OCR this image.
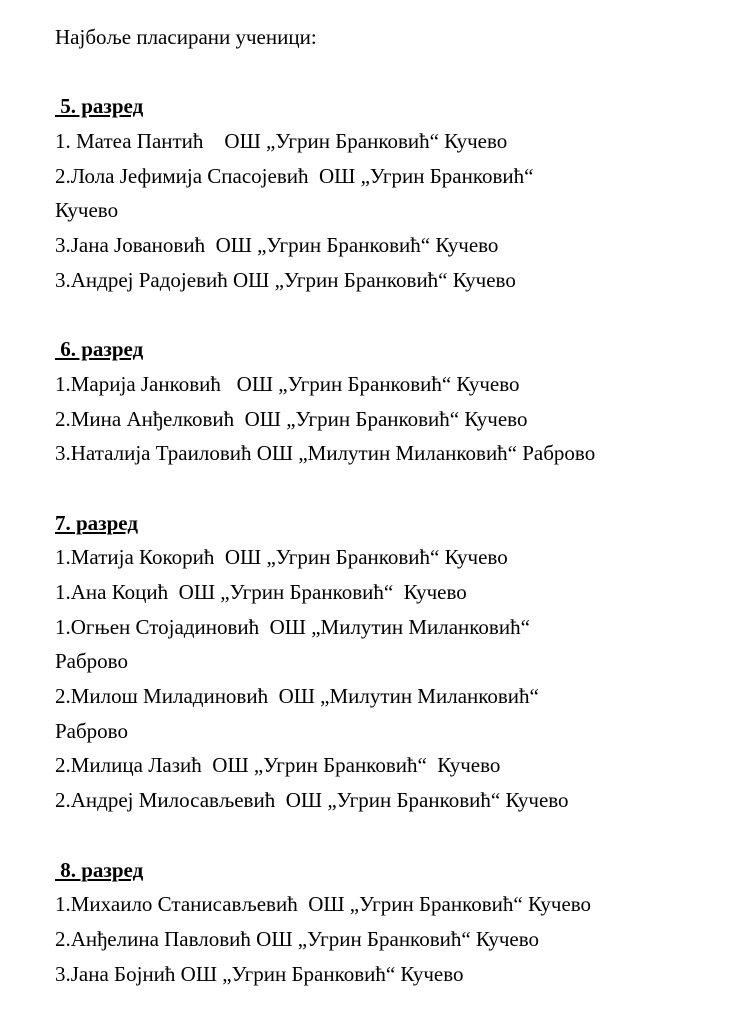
Најбоље пласирани ученици:
5. разред
1. Матеа Пантић    ОШ „Угрин Бранковић“ Кучево
2.Лола Јефимија Спасојевић  ОШ „Угрин Бранковић“
Кучево
3.Јана Јовановић  ОШ „Угрин Бранковић“ Кучево
3.Андреј Радојевић ОШ „Угрин Бранковић“ Кучево
6. разред
1.Марија Јанковић   ОШ „Угрин Бранковић“ Кучево
2.Мина Анђелковић  ОШ „Угрин Бранковић“ Кучево
3.Наталија Траиловић ОШ „Милутин Миланковић“ Раброво
7. разред
1.Матија Кокорић  ОШ „Угрин Бранковић“ Кучево
1.Ана Коцић  ОШ „Угрин Бранковић“  Кучево
1.Огњен Стојадиновић  ОШ „Милутин Миланковић“
Раброво
2.Милош Миладиновић  ОШ „Милутин Миланковић“
Раброво
2.Милица Лазић  ОШ „Угрин Бранковић“  Кучево
2.Андреј Милосављевић  ОШ „Угрин Бранковић“ Кучево
8. разред
1.Михаило Станисављевић  ОШ „Угрин Бранковић“ Кучево
2.Анђелина Павловић ОШ „Угрин Бранковић“ Кучево
3.Јана Бојнић ОШ „Угрин Бранковић“ Кучево
